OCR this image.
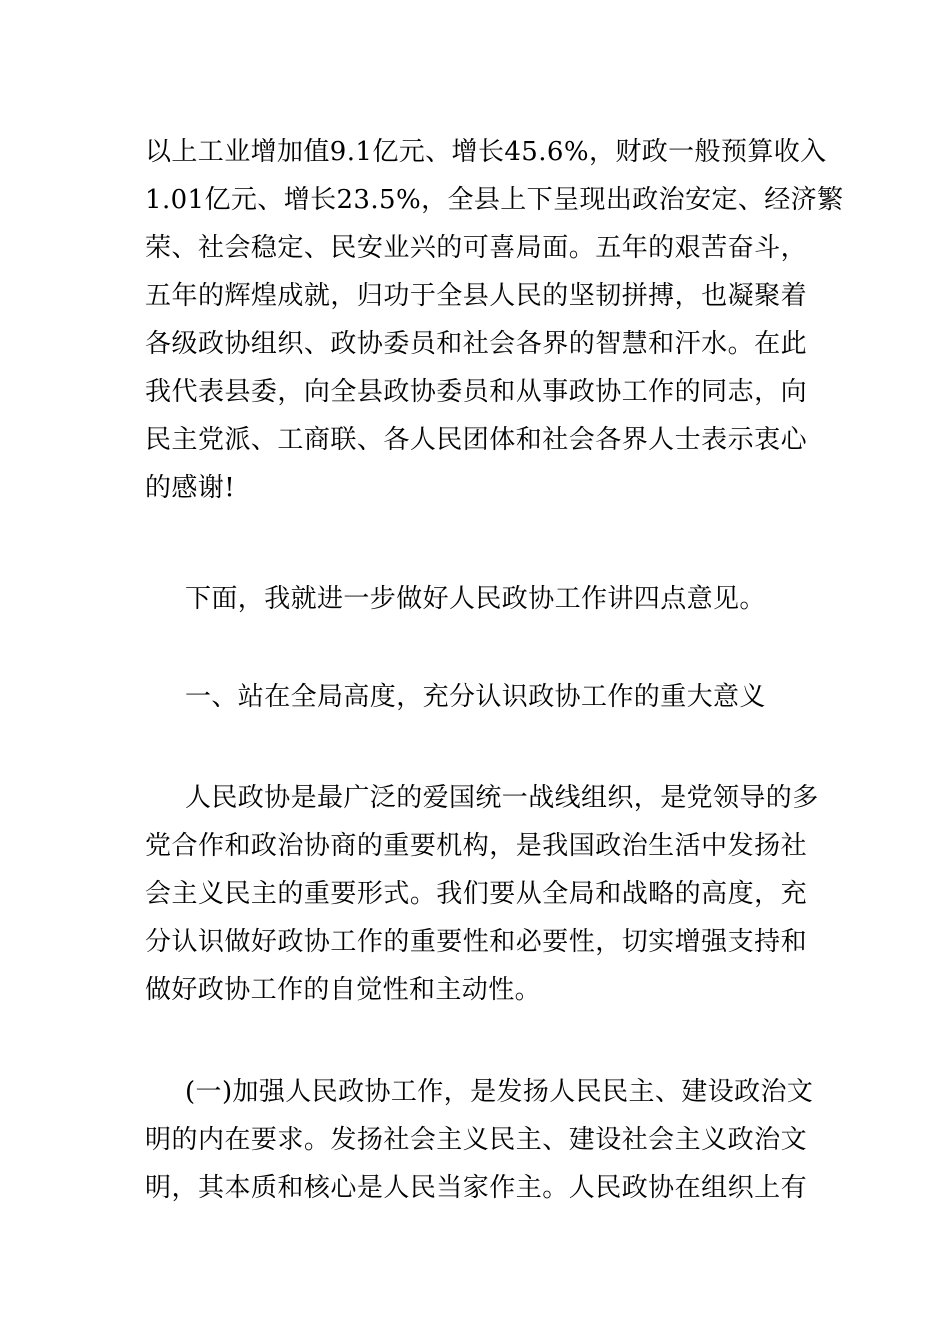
以上工业增加值9.1亿元、增长45.6%，财政一般预算收入
1.01亿元、增长23.5%，全县上下呈现出政治安定、经济繁
荣、社会稳定、民安业兴的可喜局面。五年的艰苦奋斗，
五年的辉煌成就，归功于全县人民的坚韧拼搏，也凝聚着
各级政协组织、政协委员和社会各界的智慧和汗水。在此
我代表县委，向全县政协委员和从事政协工作的同志，向
民主党派、工商联、各人民团体和社会各界人士表示衷心
的感谢!
下面，我就进一步做好人民政协工作讲四点意见。
一、站在全局高度，充分认识政协工作的重大意义
人民政协是最广泛的爱国统一战线组织，是党领导的多
党合作和政治协商的重要机构，是我国政治生活中发扬社
会主义民主的重要形式。我们要从全局和战略的高度，充
分认识做好政协工作的重要性和必要性，切实增强支持和
做好政协工作的自觉性和主动性。
(一)加强人民政协工作，是发扬人民民主、建设政治文
明的内在要求。发扬社会主义民主、建设社会主义政治文
明，其本质和核心是人民当家作主。人民政协在组织上有
